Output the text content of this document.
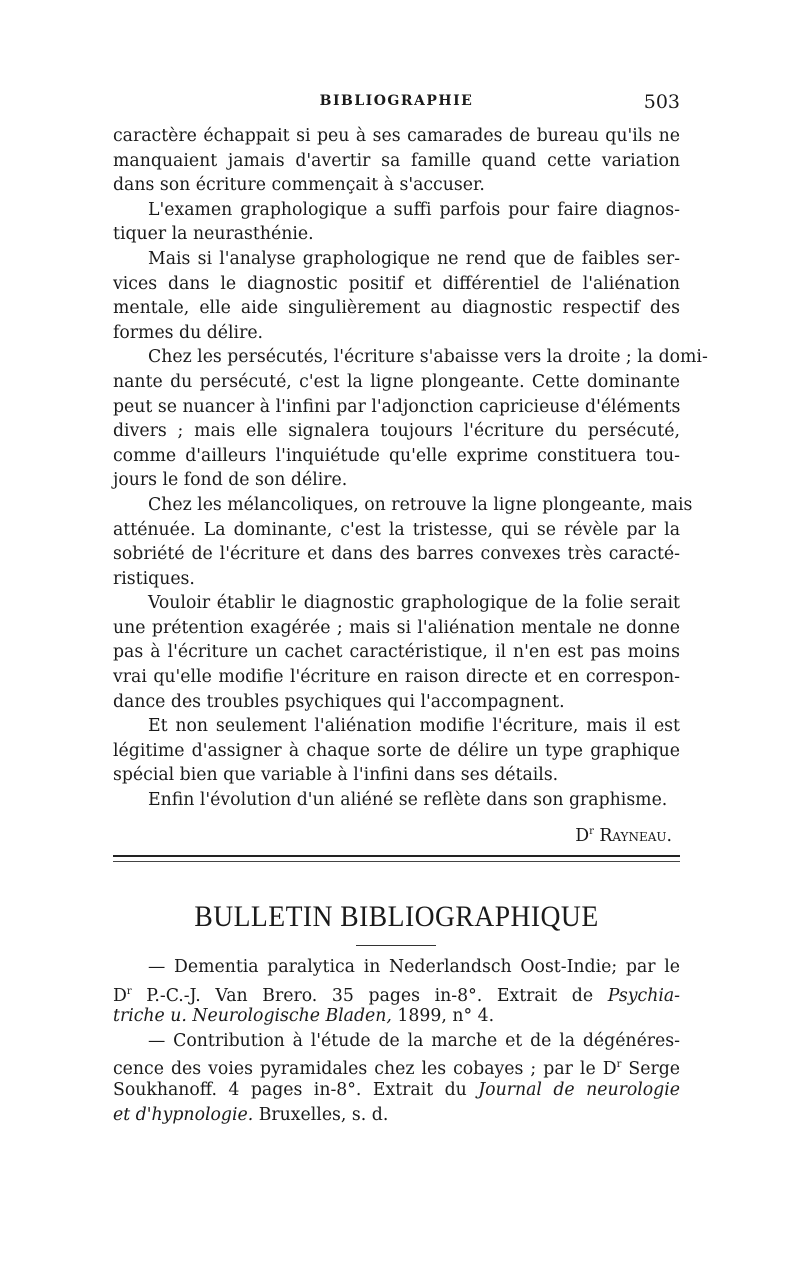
BIBLIOGRAPHIE	503
caractère échappait si peu à ses camarades de bureau qu'ils ne
manquaient jamais d'avertir sa famille quand cette variation
dans son écriture commençait à s'accuser.
L'examen graphologique a suffi parfois pour faire diagnos-
tiquer la neurasthénie.
Mais si l'analyse graphologique ne rend que de faibles ser-
vices dans le diagnostic positif et différentiel de l'aliénation
mentale, elle aide singulièrement au diagnostic respectif des
formes du délire.
Chez les persécutés, l'écriture s'abaisse vers la droite ; la domi-
nante du persécuté, c'est la ligne plongeante. Cette dominante
peut se nuancer à l'infini par l'adjonction capricieuse d'éléments
divers ; mais elle signalera toujours l'écriture du persécuté,
comme d'ailleurs l'inquiétude qu'elle exprime constituera tou-
jours le fond de son délire.
Chez les mélancoliques, on retrouve la ligne plongeante, mais
atténuée. La dominante, c'est la tristesse, qui se révèle par la
sobriété de l'écriture et dans des barres convexes très caracté-
ristiques.
Vouloir établir le diagnostic graphologique de la folie serait
une prétention exagérée ; mais si l'aliénation mentale ne donne
pas à l'écriture un cachet caractéristique, il n'en est pas moins
vrai qu'elle modifie l'écriture en raison directe et en correspon-
dance des troubles psychiques qui l'accompagnent.
Et non seulement l'aliénation modifie l'écriture, mais il est
légitime d'assigner à chaque sorte de délire un type graphique
spécial bien que variable à l'infini dans ses détails.
Enfin l'évolution d'un aliéné se reflète dans son graphisme.
$D^r$ Rayneau.
BULLETIN BIBLIOGRAPHIQUE
— Dementia paralytica in Nederlandsch Oost-Indie; par le
$D^r$ P.-C.-J. Van Brero. 35 pages in-8°. Extrait de Psychia-
triche u. Neurologische Bladen, 1899, n° 4.
— Contribution à l'étude de la marche et de la dégénéres-
cence des voies pyramidales chez les cobayes ; par le $D^r$ Serge
Soukhanoff. 4 pages in-8°. Extrait du Journal de neurologie
et d'hypnologie. Bruxelles, s. d.
